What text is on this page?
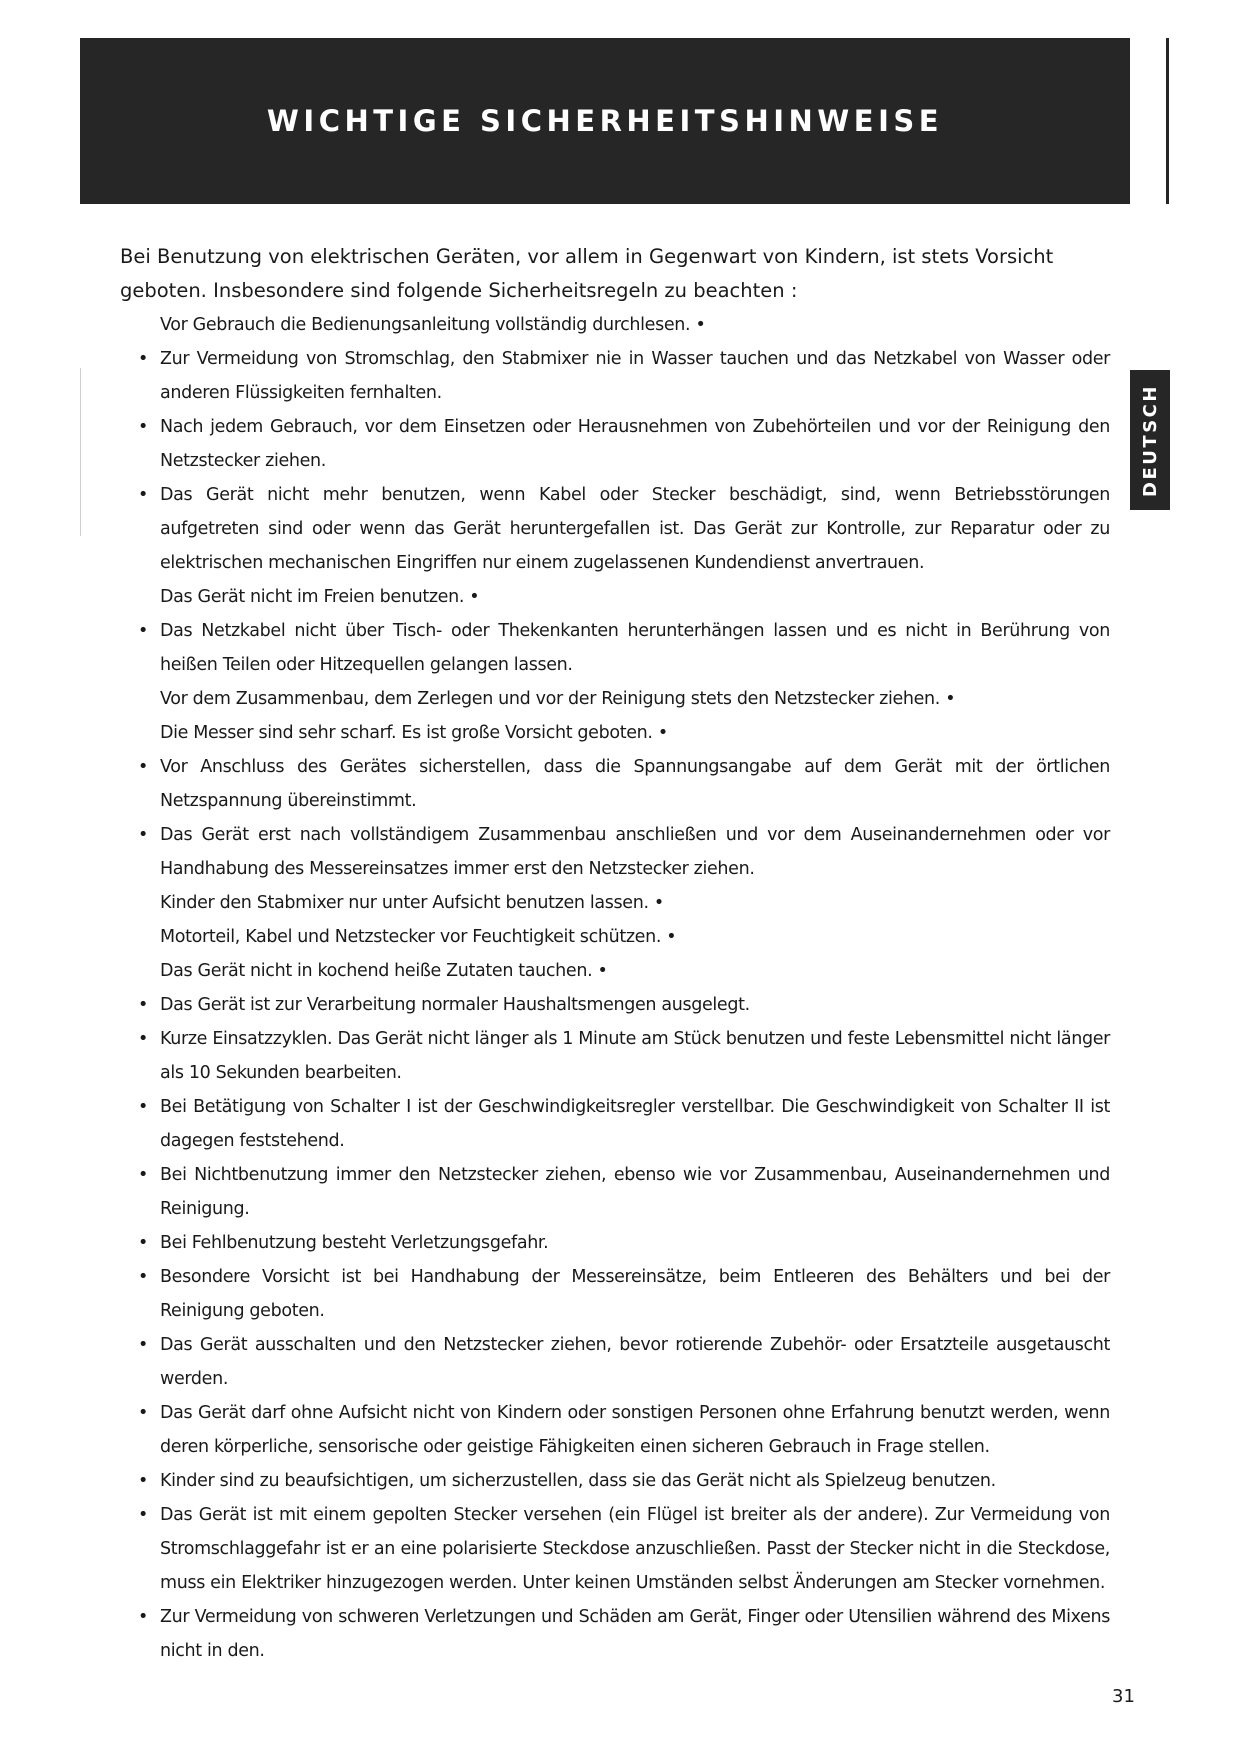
WICHTIGE SICHERHEITSHINWEISE
DEUTSCH

Bei Benutzung von elektrischen Geräten, vor allem in Gegenwart von Kindern, ist stets Vorsicht geboten. Insbesondere sind folgende Sicherheitsregeln zu beachten :

Vor Gebrauch die Bedienungsanleitung vollständig durchlesen. •
• Zur Vermeidung von Stromschlag, den Stabmixer nie in Wasser tauchen und das Netzkabel von Wasser oder anderen Flüssigkeiten fernhalten.
• Nach jedem Gebrauch, vor dem Einsetzen oder Herausnehmen von Zubehörteilen und vor der Reinigung den Netzstecker ziehen.
• Das Gerät nicht mehr benutzen, wenn Kabel oder Stecker beschädigt, sind, wenn Betriebsstörungen aufgetreten sind oder wenn das Gerät heruntergefallen ist. Das Gerät zur Kontrolle, zur Reparatur oder zu elektrischen mechanischen Eingriffen nur einem zugelassenen Kundendienst anvertrauen.
Das Gerät nicht im Freien benutzen. •
• Das Netzkabel nicht über Tisch- oder Thekenkanten herunterhängen lassen und es nicht in Berührung von heißen Teilen oder Hitzequellen gelangen lassen.
Vor dem Zusammenbau, dem Zerlegen und vor der Reinigung stets den Netzstecker ziehen. •
Die Messer sind sehr scharf. Es ist große Vorsicht geboten. •
• Vor Anschluss des Gerätes sicherstellen, dass die Spannungsangabe auf dem Gerät mit der örtlichen Netzspannung übereinstimmt.
• Das Gerät erst nach vollständigem Zusammenbau anschließen und vor dem Auseinandernehmen oder vor Handhabung des Messereinsatzes immer erst den Netzstecker ziehen.
Kinder den Stabmixer nur unter Aufsicht benutzen lassen. •
Motorteil, Kabel und Netzstecker vor Feuchtigkeit schützen. •
Das Gerät nicht in kochend heiße Zutaten tauchen. •
• Das Gerät ist zur Verarbeitung normaler Haushaltsmengen ausgelegt.
• Kurze Einsatzzyklen. Das Gerät nicht länger als 1 Minute am Stück benutzen und feste Lebensmittel nicht länger als 10 Sekunden bearbeiten.
• Bei Betätigung von Schalter I ist der Geschwindigkeitsregler verstellbar. Die Geschwindigkeit von Schalter II ist dagegen feststehend.
• Bei Nichtbenutzung immer den Netzstecker ziehen, ebenso wie vor Zusammenbau, Auseinandernehmen und Reinigung.
• Bei Fehlbenutzung besteht Verletzungsgefahr.
• Besondere Vorsicht ist bei Handhabung der Messereinsätze, beim Entleeren des Behälters und bei der Reinigung geboten.
• Das Gerät ausschalten und den Netzstecker ziehen, bevor rotierende Zubehör- oder Ersatzteile ausgetauscht werden.
• Das Gerät darf ohne Aufsicht nicht von Kindern oder sonstigen Personen ohne Erfahrung benutzt werden, wenn deren körperliche, sensorische oder geistige Fähigkeiten einen sicheren Gebrauch in Frage stellen.
• Kinder sind zu beaufsichtigen, um sicherzustellen, dass sie das Gerät nicht als Spielzeug benutzen.
• Das Gerät ist mit einem gepolten Stecker versehen (ein Flügel ist breiter als der andere). Zur Vermeidung von Stromschlaggefahr ist er an eine polarisierte Steckdose anzuschließen. Passt der Stecker nicht in die Steckdose, muss ein Elektriker hinzugezogen werden. Unter keinen Umständen selbst Änderungen am Stecker vornehmen.
• Zur Vermeidung von schweren Verletzungen und Schäden am Gerät, Finger oder Utensilien während des Mixens nicht in den.
31
